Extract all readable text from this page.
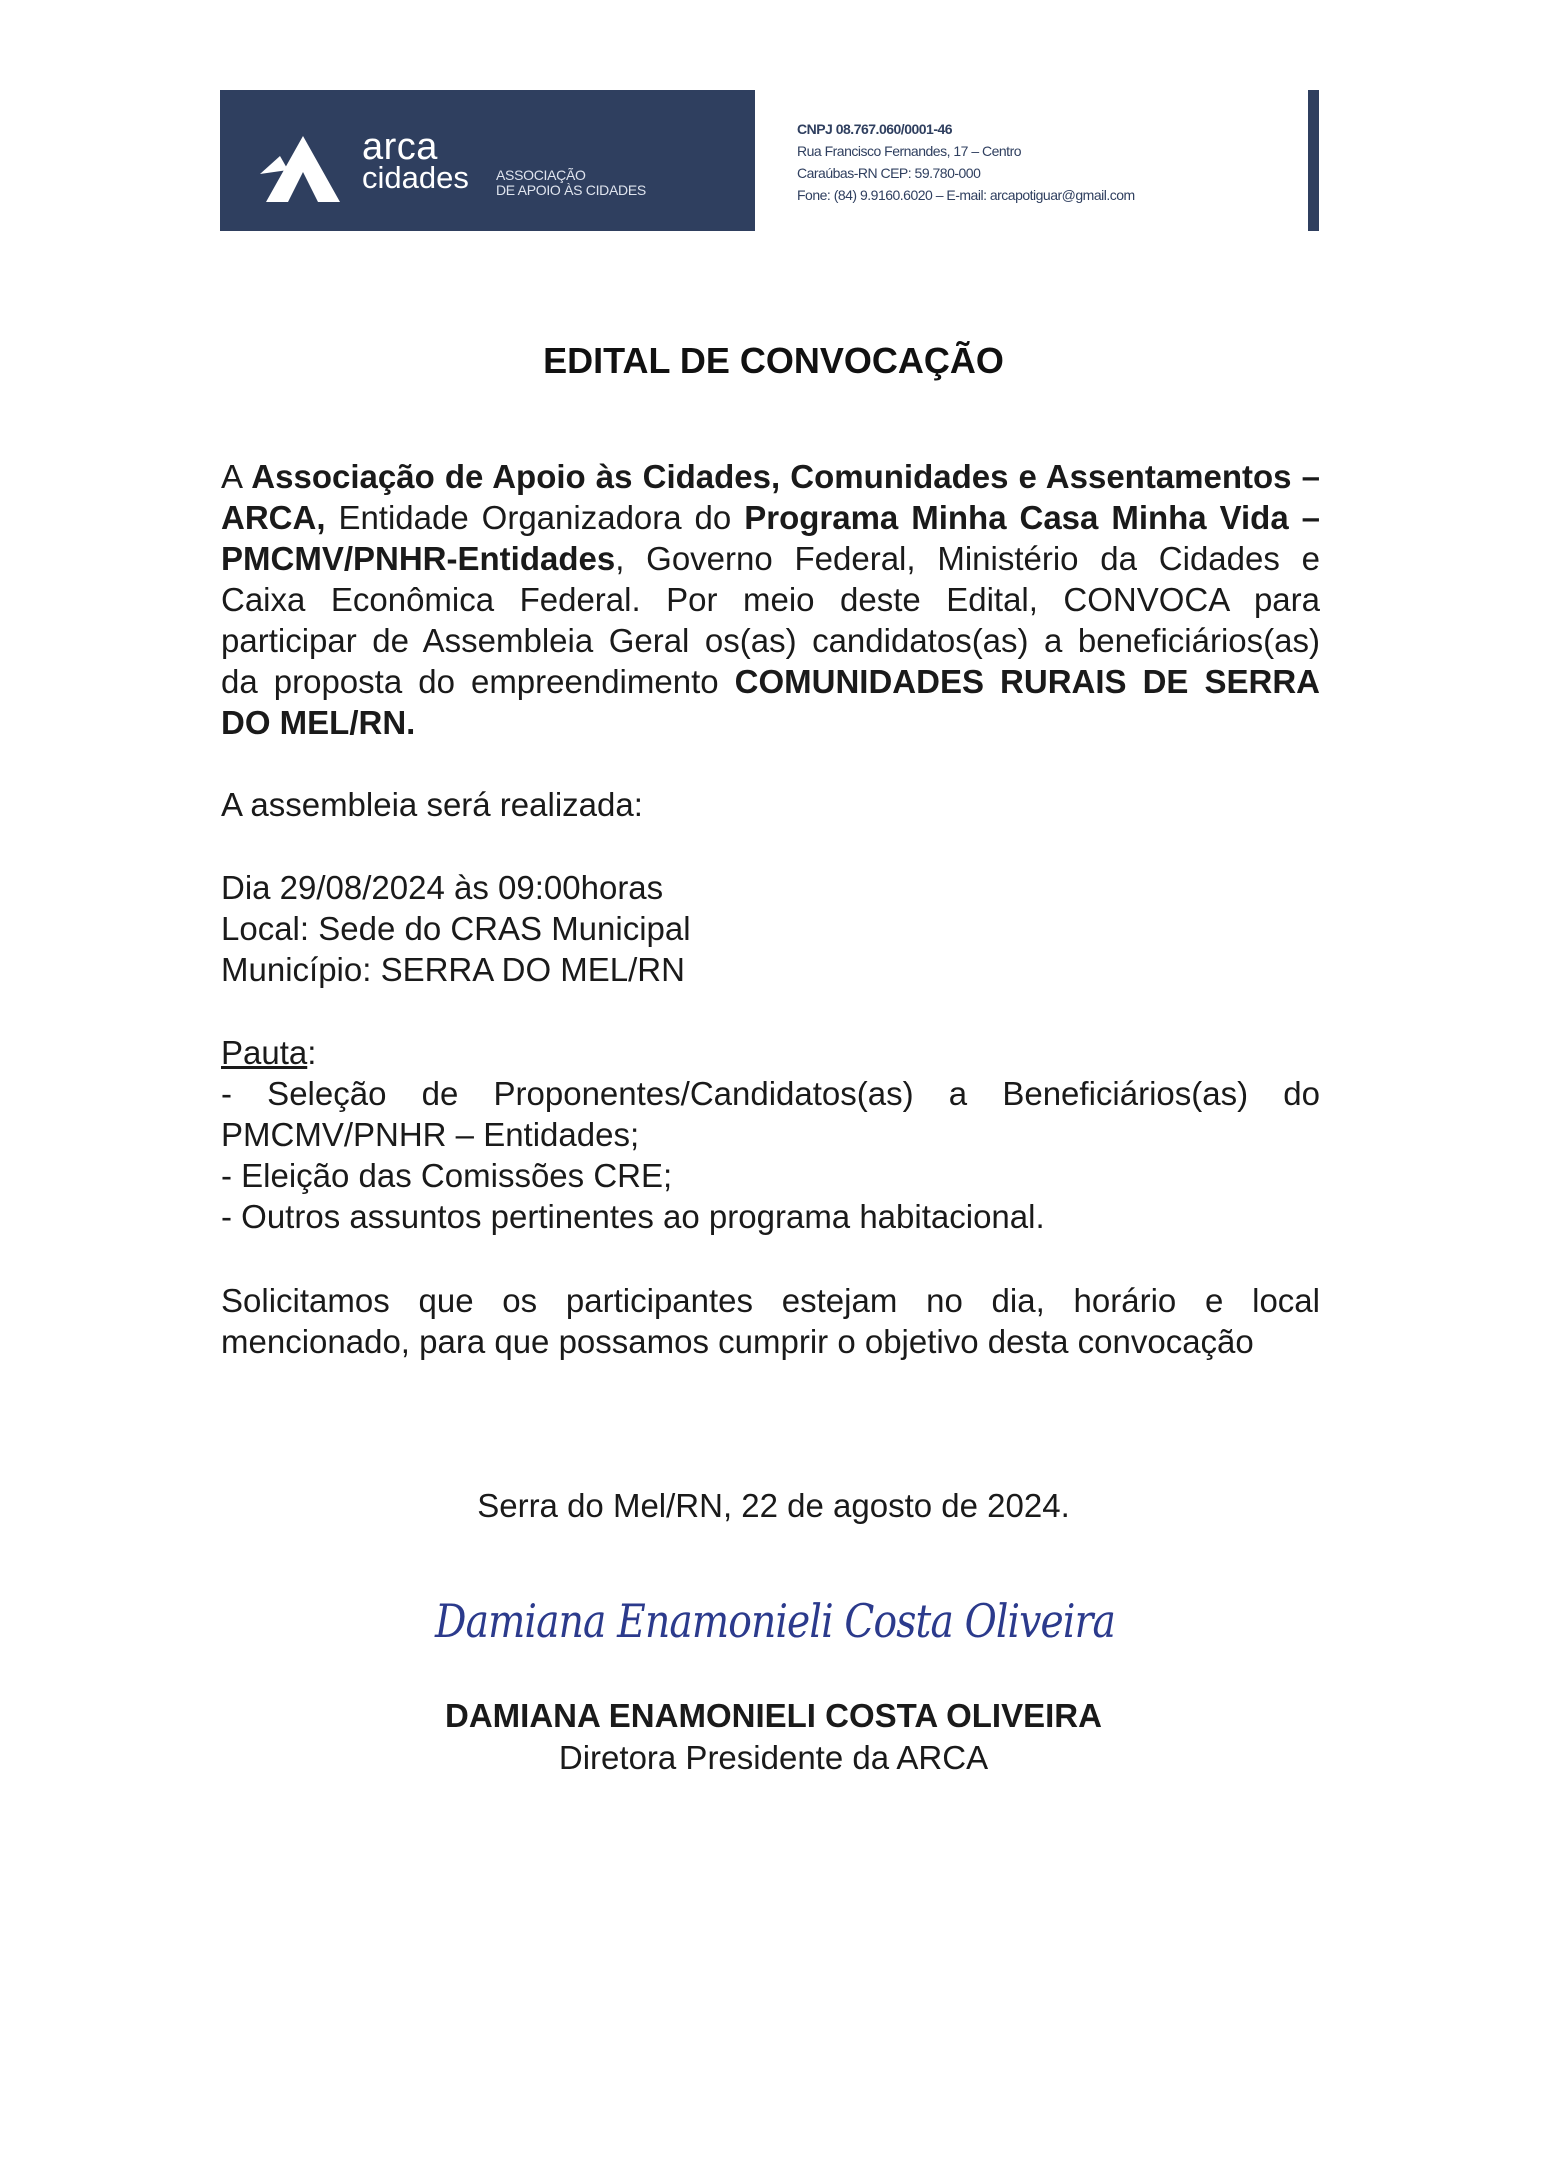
arca
cidades ASSOCIAÇÃO
DE APOIO ÀS CIDADES
CNPJ 08.767.060/0001-46
Rua Francisco Fernandes, 17 – Centro
Caraúbas-RN CEP: 59.780-000
Fone: (84) 9.9160.6020 – E-mail: arcapotiguar@gmail.com
EDITAL DE CONVOCAÇÃO
A Associação de Apoio às Cidades, Comunidades e Assentamentos – ARCA, Entidade Organizadora do Programa Minha Casa Minha Vida – PMCMV/PNHR-Entidades, Governo Federal, Ministério da Cidades e Caixa Econômica Federal. Por meio deste Edital, CONVOCA para participar de Assembleia Geral os(as) candidatos(as) a beneficiários(as) da proposta do empreendimento COMUNIDADES RURAIS DE SERRA DO MEL/RN.
A assembleia será realizada:
Dia 29/08/2024 às 09:00horas
Local: Sede do CRAS Municipal
Município: SERRA DO MEL/RN
Pauta:
- Seleção de Proponentes/Candidatos(as) a Beneficiários(as) do PMCMV/PNHR – Entidades;
- Eleição das Comissões CRE;
- Outros assuntos pertinentes ao programa habitacional.
Solicitamos que os participantes estejam no dia, horário e local mencionado, para que possamos cumprir o objetivo desta convocação
Serra do Mel/RN, 22 de agosto de 2024.
Damiana Enamonieli Costa Oliveira
DAMIANA ENAMONIELI COSTA OLIVEIRA
Diretora Presidente da ARCA
